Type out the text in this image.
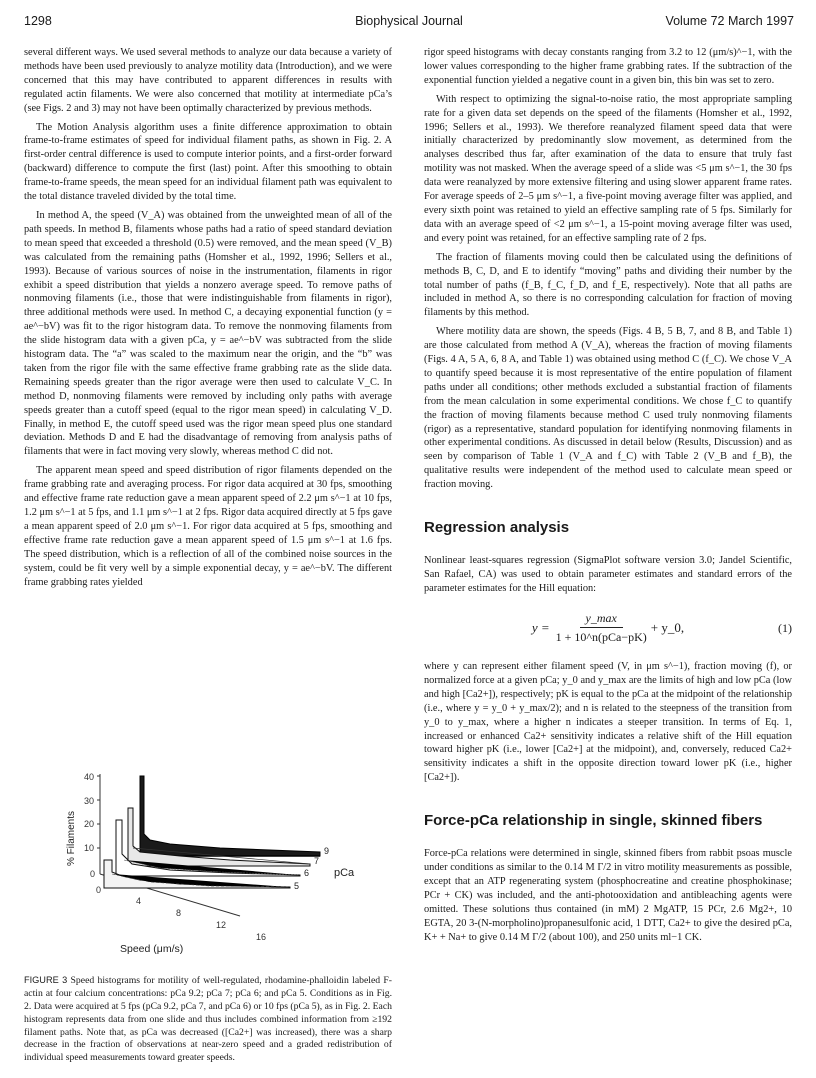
1298	Biophysical Journal	Volume 72 March 1997

several different ways. We used several methods to analyze our data because a variety of methods have been used previously to analyze motility data (Introduction), and we were concerned that this may have contributed to apparent differences in results with regulated actin filaments. We were also concerned that motility at intermediate pCa’s (see Figs. 2 and 3) may not have been optimally characterized by previous methods.

The Motion Analysis algorithm uses a finite difference approximation to obtain frame-to-frame estimates of speed for individual filament paths, as shown in Fig. 2. A first-order central difference is used to compute interior points, and a first-order forward (backward) difference to compute the first (last) point. After this smoothing to obtain frame-to-frame speeds, the mean speed for an individual filament path was equivalent to the total distance traveled divided by the total time.

In method A, the speed (V_A) was obtained from the unweighted mean of all of the path speeds. In method B, filaments whose paths had a ratio of speed standard deviation to mean speed that exceeded a threshold (0.5) were removed, and the mean speed (V_B) was calculated from the remaining paths (Homsher et al., 1992, 1996; Sellers et al., 1993). Because of various sources of noise in the instrumentation, filaments in rigor exhibit a speed distribution that yields a nonzero average speed. To remove paths of nonmoving filaments (i.e., those that were indistinguishable from filaments in rigor), three additional methods were used. In method C, a decaying exponential function (y = ae^−bV) was fit to the rigor histogram data. To remove the nonmoving filaments from the slide histogram data with a given pCa, y = ae^−bV was subtracted from the slide histogram data. The “a” was scaled to the maximum near the origin, and the “b” was taken from the rigor file with the same effective frame grabbing rate as the slide data. Remaining speeds greater than the rigor average were then used to calculate V_C. In method D, nonmoving filaments were removed by including only paths with average speeds greater than a cutoff speed (equal to the rigor mean speed) in calculating V_D. Finally, in method E, the cutoff speed used was the rigor mean speed plus one standard deviation. Methods D and E had the disadvantage of removing from analysis paths of filaments that were in fact moving very slowly, whereas method C did not.

The apparent mean speed and speed distribution of rigor filaments depended on the frame grabbing rate and averaging process. For rigor data acquired at 30 fps, smoothing and effective frame rate reduction gave a mean apparent speed of 2.2 μm s^−1 at 10 fps, 1.2 μm s^−1 at 5 fps, and 1.1 μm s^−1 at 2 fps. Rigor data acquired directly at 5 fps gave a mean apparent speed of 2.0 μm s^−1. For rigor data acquired at 5 fps, smoothing and effective frame rate reduction gave a mean apparent speed of 1.5 μm s^−1 at 1.6 fps. The speed distribution, which is a reflection of all of the combined noise sources in the system, could be fit very well by a simple exponential decay, y = ae^−bV. The different frame grabbing rates yielded

40
30
20
10
0
0
4
8
12
16
9
7
6
5
pCa
% Filaments
Speed (μm/s)
FIGURE 3 Speed histograms for motility of well-regulated, rhodamine-phalloidin labeled F-actin at four calcium concentrations: pCa 9.2; pCa 7; pCa 6; and pCa 5. Conditions as in Fig. 2. Data were acquired at 5 fps (pCa 9.2, pCa 7, and pCa 6) or 10 fps (pCa 5), as in Fig. 2. Each histogram represents data from one slide and thus includes combined information from ≥192 filament paths. Note that, as pCa was decreased ([Ca2+] was increased), there was a sharp decrease in the fraction of observations at near-zero speed and a graded redistribution of individual speed measurements toward greater speeds.

rigor speed histograms with decay constants ranging from 3.2 to 12 (μm/s)^−1, with the lower values corresponding to the higher frame grabbing rates. If the subtraction of the exponential function yielded a negative count in a given bin, this bin was set to zero.

With respect to optimizing the signal-to-noise ratio, the most appropriate sampling rate for a given data set depends on the speed of the filaments (Homsher et al., 1992, 1996; Sellers et al., 1993). We therefore reanalyzed filament speed data that were initially characterized by predominantly slow movement, as determined from the analyses described thus far, after examination of the data to ensure that truly fast motility was not masked. When the average speed of a slide was <5 μm s^−1, the 30 fps data were reanalyzed by more extensive filtering and using slower apparent frame rates. For average speeds of 2–5 μm s^−1, a five-point moving average filter was applied, and every sixth point was retained to yield an effective sampling rate of 5 fps. Similarly for data with an average speed of <2 μm s^−1, a 15-point moving average filter was used, and every point was retained, for an effective sampling rate of 2 fps.

The fraction of filaments moving could then be calculated using the definitions of methods B, C, D, and E to identify “moving” paths and dividing their number by the total number of paths (f_B, f_C, f_D, and f_E, respectively). Note that all paths are included in method A, so there is no corresponding calculation for fraction of moving filaments by this method.

Where motility data are shown, the speeds (Figs. 4 B, 5 B, 7, and 8 B, and Table 1) are those calculated from method A (V_A), whereas the fraction of moving filaments (Figs. 4 A, 5 A, 6, 8 A, and Table 1) was obtained using method C (f_C). We chose V_A to quantify speed because it is most representative of the entire population of filament paths under all conditions; other methods excluded a substantial fraction of filaments from the mean calculation in some experimental conditions. We chose f_C to quantify the fraction of moving filaments because method C used truly nonmoving filaments (rigor) as a representative, standard population for identifying nonmoving filaments in other experimental conditions. As discussed in detail below (Results, Discussion) and as seen by comparison of Table 1 (V_A and f_C) with Table 2 (V_B and f_B), the qualitative results were independent of the method used to calculate mean speed or fraction moving.

Regression analysis

Nonlinear least-squares regression (SigmaPlot software version 3.0; Jandel Scientific, San Rafael, CA) was used to obtain parameter estimates and standard errors of the parameter estimates for the Hill equation:

$y = \frac{y\_\max}{\text{1 + 10\textasciicircum{}n(pCa−pK)}}$ + y_0,	(1)

where y can represent either filament speed (V, in μm s^−1), fraction moving (f), or normalized force at a given pCa; y_0 and y_max are the limits of high and low pCa (low and high [Ca2+]), respectively; pK is equal to the pCa at the midpoint of the relationship (i.e., where y = y_0 + y_max/2); and n is related to the steepness of the transition from y_0 to y_max, where a higher n indicates a steeper transition. In terms of Eq. 1, increased or enhanced Ca2+ sensitivity indicates a relative shift of the Hill equation toward higher pK (i.e., lower [Ca2+] at the midpoint), and, conversely, reduced Ca2+ sensitivity indicates a shift in the opposite direction toward lower pK (i.e., higher [Ca2+]).

Force-pCa relationship in single, skinned fibers

Force-pCa relations were determined in single, skinned fibers from rabbit psoas muscle under conditions as similar to the 0.14 M Γ/2 in vitro motility measurements as possible, except that an ATP regenerating system (phosphocreatine and creatine phosphokinase; PCr + CK) was included, and the anti-photooxidation and antibleaching agents were omitted. These solutions thus contained (in mM) 2 MgATP, 15 PCr, 2.6 Mg2+, 10 EGTA, 20 3-(N-morpholino)propanesulfonic acid, 1 DTT, Ca2+ to give the desired pCa, K+ + Na+ to give 0.14 M Γ/2 (about 100), and 250 units ml−1 CK.
